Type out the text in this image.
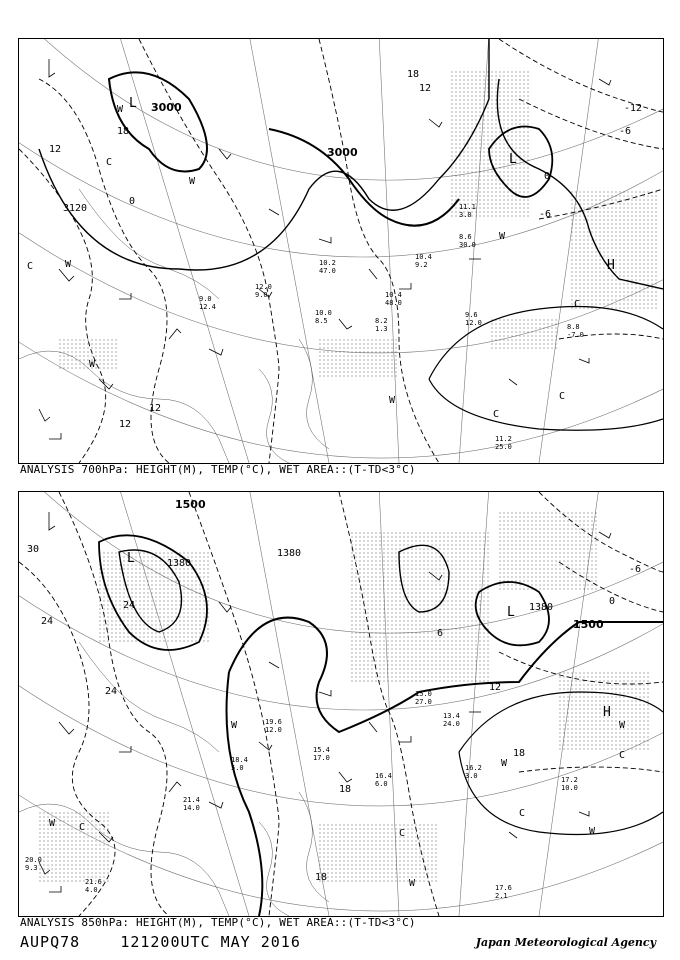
3000
3000
3120
12
12
12
18
-12
-6
0
-6
18
12
0
L
L
H
W
W
W
W
W
C
C
C
C
C
W
9.6
12.0	8.8
-7.0
11.2
25.0
10.4
48.0
8.2
1.3
10.0
8.5
12.0
9.0
9.0
12.4
10.4
9.2
8.6
30.0
10.2
47.0
11.1
3.0
ANALYSIS 700hPa: HEIGHT(M), TEMP(°C), WET AREA::(T-TD<3°C)
1500
1380
1380
1500
1380
30
24
24
24
18
12
18
18
6
0
-6
L
L
H
W
W
W
W
W
C
C
C
W
C
16.2
3.0	17.2
10.0
17.6
2.1
21.6
4.0
21.4
14.0
15.4
17.0
16.4
6.0
13.4
24.0
20.0
9.3
18.4
5.0
19.6
12.0
15.0
27.0
ANALYSIS 850hPa: HEIGHT(M), TEMP(°C), WET AREA::(T-TD<3°C)
AUPQ78	121200UTC MAY 2016	Japan Meteorological Agency
